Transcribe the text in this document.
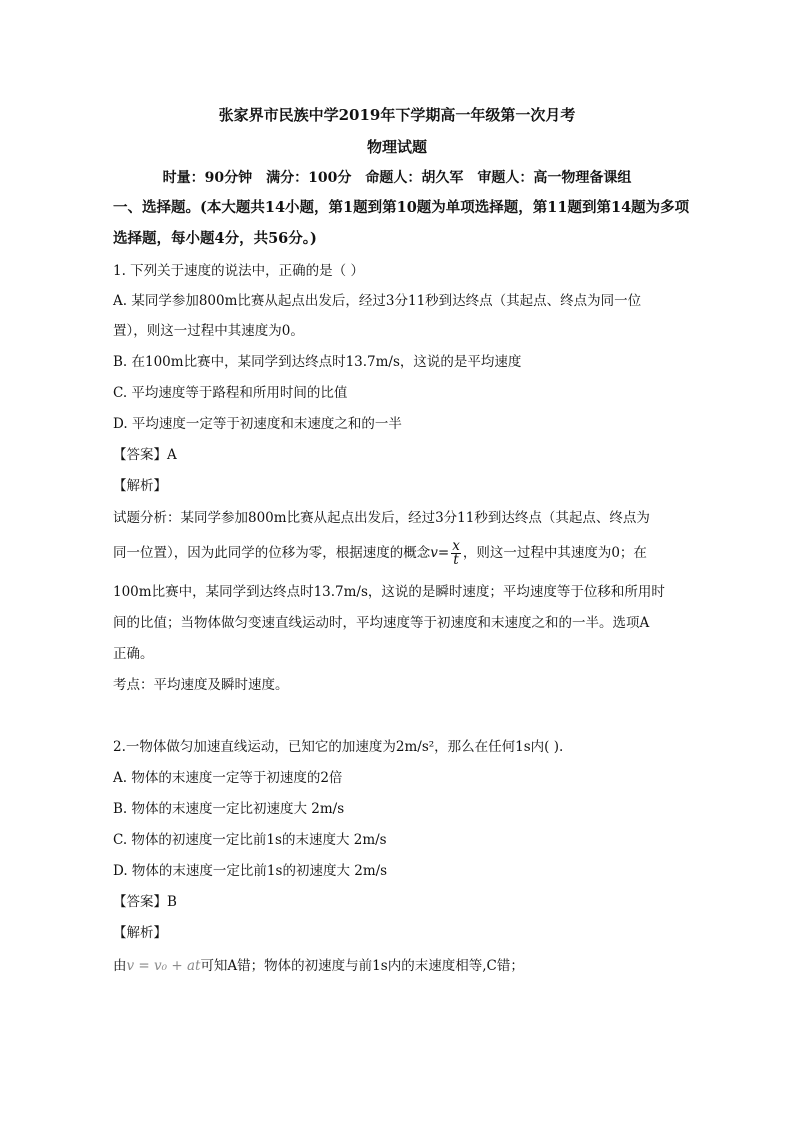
张家界市民族中学2019年下学期高一年级第一次月考
物理试题
时量：90分钟　满分：100分　命题人：胡久军　审题人：高一物理备课组
一、选择题。(本大题共14小题，第1题到第10题为单项选择题，第11题到第14题为多项
选择题，每小题4分，共56分。)
1. 下列关于速度的说法中，正确的是（ ）
A. 某同学参加800m比赛从起点出发后，经过3分11秒到达终点（其起点、终点为同一位
置），则这一过程中其速度为0。
B. 在100m比赛中，某同学到达终点时13.7m/s，这说的是平均速度
C. 平均速度等于路程和所用时间的比值
D. 平均速度一定等于初速度和末速度之和的一半
【答案】A
【解析】
试题分析：某同学参加800m比赛从起点出发后，经过3分11秒到达终点（其起点、终点为
同一位置），因为此同学的位移为零，根据速度的概念$v= \frac{x}{t}$ ，则这一过程中其速度为0；在
100m比赛中，某同学到达终点时13.7m/s，这说的是瞬时速度；平均速度等于位移和所用时
间的比值；当物体做匀变速直线运动时，平均速度等于初速度和末速度之和的一半。选项A
正确。
考点：平均速度及瞬时速度。
2.一物体做匀加速直线运动，已知它的加速度为2m/s²，那么在任何1s内( ).
A. 物体的末速度一定等于初速度的2倍
B. 物体的末速度一定比初速度大 2m/s
C. 物体的初速度一定比前1s的末速度大 2m/s
D. 物体的末速度一定比前1s的初速度大 2m/s
【答案】B
【解析】
由v = v₀ + at可知A错；物体的初速度与前1s内的末速度相等,C错；
